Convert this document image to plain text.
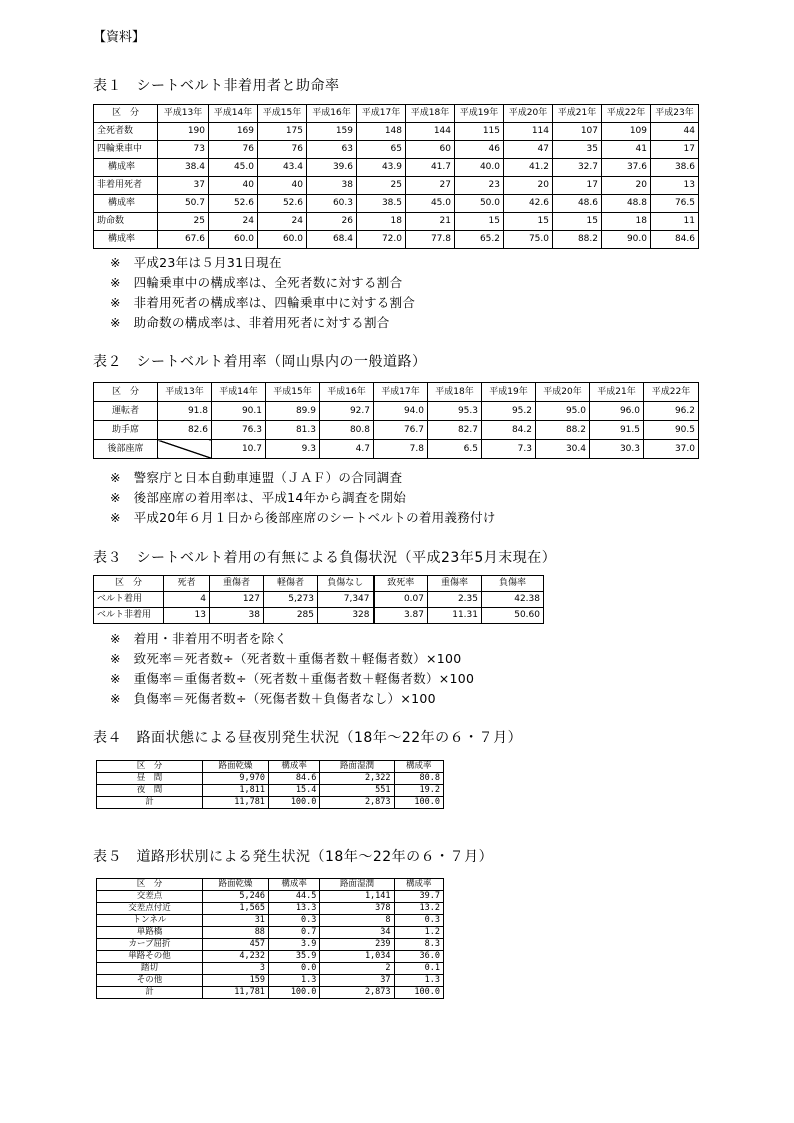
【資料】
表１　シートベルト非着用者と助命率
区　分	平成13年	平成14年	平成15年	平成16年	平成17年	平成18年	平成19年	平成20年	平成21年	平成22年	平成23年
全死者数	190	169	175	159	148	144	115	114	107	109	44
四輪乗車中	73	76	76	63	65	60	46	47	35	41	17
構成率	38.4	45.0	43.4	39.6	43.9	41.7	40.0	41.2	32.7	37.6	38.6
非着用死者	37	40	40	38	25	27	23	20	17	20	13
構成率	50.7	52.6	52.6	60.3	38.5	45.0	50.0	42.6	48.6	48.8	76.5
助命数	25	24	24	26	18	21	15	15	15	18	11
構成率	67.6	60.0	60.0	68.4	72.0	77.8	65.2	75.0	88.2	90.0	84.6
※　平成23年は５月31日現在
※　四輪乗車中の構成率は、全死者数に対する割合
※　非着用死者の構成率は、四輪乗車中に対する割合
※　助命数の構成率は、非着用死者に対する割合
表２　シートベルト着用率（岡山県内の一般道路）
区　分	平成13年	平成14年	平成15年	平成16年	平成17年	平成18年	平成19年	平成20年	平成21年	平成22年
運転者	91.8	90.1	89.9	92.7	94.0	95.3	95.2	95.0	96.0	96.2
助手席	82.6	76.3	81.3	80.8	76.7	82.7	84.2	88.2	91.5	90.5
後部座席		10.7	9.3	4.7	7.8	6.5	7.3	30.4	30.3	37.0
※　警察庁と日本自動車連盟（ＪＡＦ）の合同調査
※　後部座席の着用率は、平成14年から調査を開始
※　平成20年６月１日から後部座席のシートベルトの着用義務付け
表３　シートベルト着用の有無による負傷状況（平成23年5月末現在）
区　分	死者	重傷者	軽傷者	負傷なし	致死率	重傷率	負傷率
ベルト着用	4	127	5,273	7,347	0.07	2.35	42.38
ベルト非着用	13	38	285	328	3.87	11.31	50.60
※　着用・非着用不明者を除く
※　致死率＝死者数÷（死者数＋重傷者数＋軽傷者数）×100
※　重傷率＝重傷者数÷（死者数＋重傷者数＋軽傷者数）×100
※　負傷率＝死傷者数÷（死傷者数＋負傷者なし）×100
表４　路面状態による昼夜別発生状況（18年～22年の６・７月）
区　分	路面乾燥	構成率	路面湿潤	構成率
昼　間	9,970	84.6	2,322	80.8
夜　間	1,811	15.4	551	19.2
計	11,781	100.0	2,873	100.0
表５　道路形状別による発生状況（18年～22年の６・７月）
区　分	路面乾燥	構成率	路面湿潤	構成率
交差点	5,246	44.5	1,141	39.7
交差点付近	1,565	13.3	378	13.2
トンネル	31	0.3	8	0.3
単路橋	88	0.7	34	1.2
カーブ屈折	457	3.9	239	8.3
単路その他	4,232	35.9	1,034	36.0
踏切	3	0.0	2	0.1
その他	159	1.3	37	1.3
計	11,781	100.0	2,873	100.0
